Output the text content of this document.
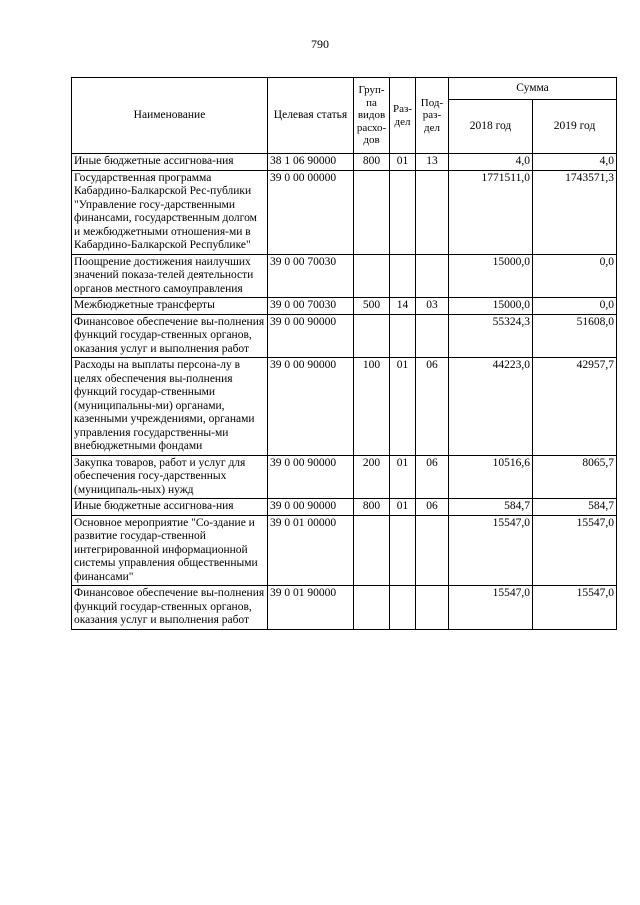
790
Наименование	Целевая статья	Груп-па видов расхо-дов	Раз-дел	Под-раз-дел	Сумма	
					2018 год	2019 год
Иные бюджетные ассигнова-ния	38 1 06 90000	800	01	13	4,0	4,0
Государственная программа Кабардино-Балкарской Рес-публики "Управление госу-дарственными финансами, государственным долгом и межбюджетными отношения-ми в Кабардино-Балкарской Республике"	39 0 00 00000				1771511,0	1743571,3
Поощрение достижения наилучших значений показа-телей деятельности органов местного самоуправления	39 0 00 70030				15000,0	0,0
Межбюджетные трансферты	39 0 00 70030	500	14	03	15000,0	0,0
Финансовое обеспечение вы-полнения функций государ-ственных органов, оказания услуг и выполнения работ	39 0 00 90000				55324,3	51608,0
Расходы на выплаты персона-лу в целях обеспечения вы-полнения функций государ-ственными (муниципальны-ми) органами, казенными учреждениями, органами управления государственны-ми внебюджетными фондами	39 0 00 90000	100	01	06	44223,0	42957,7
Закупка товаров, работ и услуг для обеспечения госу-дарственных (муниципаль-ных) нужд	39 0 00 90000	200	01	06	10516,6	8065,7
Иные бюджетные ассигнова-ния	39 0 00 90000	800	01	06	584,7	584,7
Основное мероприятие "Со-здание и развитие государ-ственной интегрированной информационной системы управления общественными финансами"	39 0 01 00000				15547,0	15547,0
Финансовое обеспечение вы-полнения функций государ-ственных органов, оказания услуг и выполнения работ	39 0 01 90000				15547,0	15547,0
